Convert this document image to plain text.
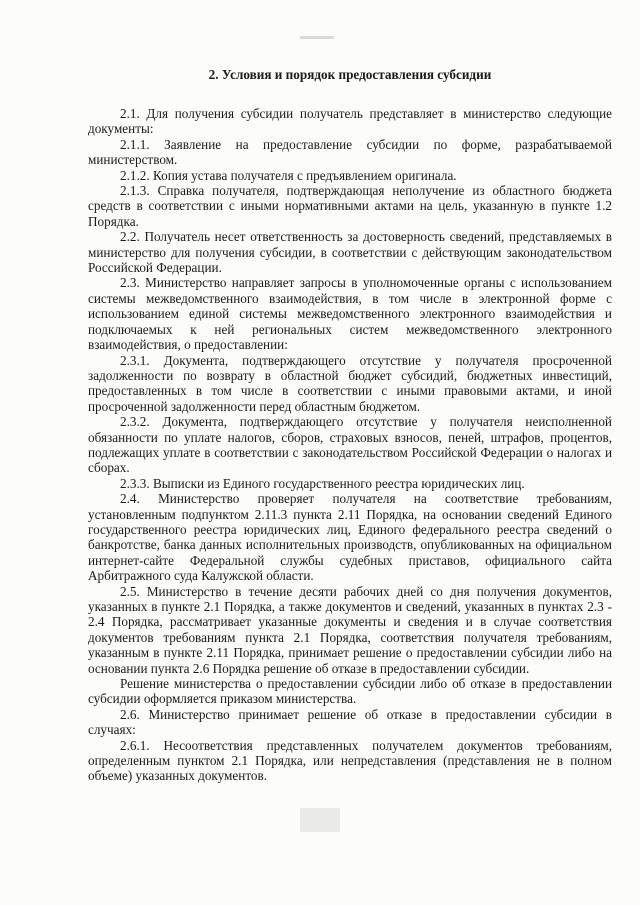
2. Условия и порядок предоставления субсидии

2.1. Для получения субсидии получатель представляет в министерство следующие документы:

2.1.1. Заявление на предоставление субсидии по форме, разрабатываемой министерством.

2.1.2. Копия устава получателя с предъявлением оригинала.

2.1.3. Справка получателя, подтверждающая неполучение из областного бюджета средств в соответствии с иными нормативными актами на цель, указанную в пункте 1.2 Порядка.

2.2. Получатель несет ответственность за достоверность сведений, представляемых в министерство для получения субсидии, в соответствии с действующим законодательством Российской Федерации.

2.3. Министерство направляет запросы в уполномоченные органы с использованием системы межведомственного взаимодействия, в том числе в электронной форме с использованием единой системы межведомственного электронного взаимодействия и подключаемых к ней региональных систем межведомственного электронного взаимодействия, о предоставлении:

2.3.1. Документа, подтверждающего отсутствие у получателя просроченной задолженности по возврату в областной бюджет субсидий, бюджетных инвестиций, предоставленных в том числе в соответствии с иными правовыми актами, и иной просроченной задолженности перед областным бюджетом.

2.3.2. Документа, подтверждающего отсутствие у получателя неисполненной обязанности по уплате налогов, сборов, страховых взносов, пеней, штрафов, процентов, подлежащих уплате в соответствии с законодательством Российской Федерации о налогах и сборах.

2.3.3. Выписки из Единого государственного реестра юридических лиц.

2.4. Министерство проверяет получателя на соответствие требованиям, установленным подпунктом 2.11.3 пункта 2.11 Порядка, на основании сведений Единого государственного реестра юридических лиц, Единого федерального реестра сведений о банкротстве, банка данных исполнительных производств, опубликованных на официальном интернет-сайте Федеральной службы судебных приставов, официального сайта Арбитражного суда Калужской области.

2.5. Министерство в течение десяти рабочих дней со дня получения документов, указанных в пункте 2.1 Порядка, а также документов и сведений, указанных в пунктах 2.3 - 2.4 Порядка, рассматривает указанные документы и сведения и в случае соответствия документов требованиям пункта 2.1 Порядка, соответствия получателя требованиям, указанным в пункте 2.11 Порядка, принимает решение о предоставлении субсидии либо на основании пункта 2.6 Порядка решение об отказе в предоставлении субсидии.

Решение министерства о предоставлении субсидии либо об отказе в предоставлении субсидии оформляется приказом министерства.

2.6. Министерство принимает решение об отказе в предоставлении субсидии в случаях:

2.6.1. Несоответствия представленных получателем документов требованиям, определенным пунктом 2.1 Порядка, или непредставления (представления не в полном объеме) указанных документов.
